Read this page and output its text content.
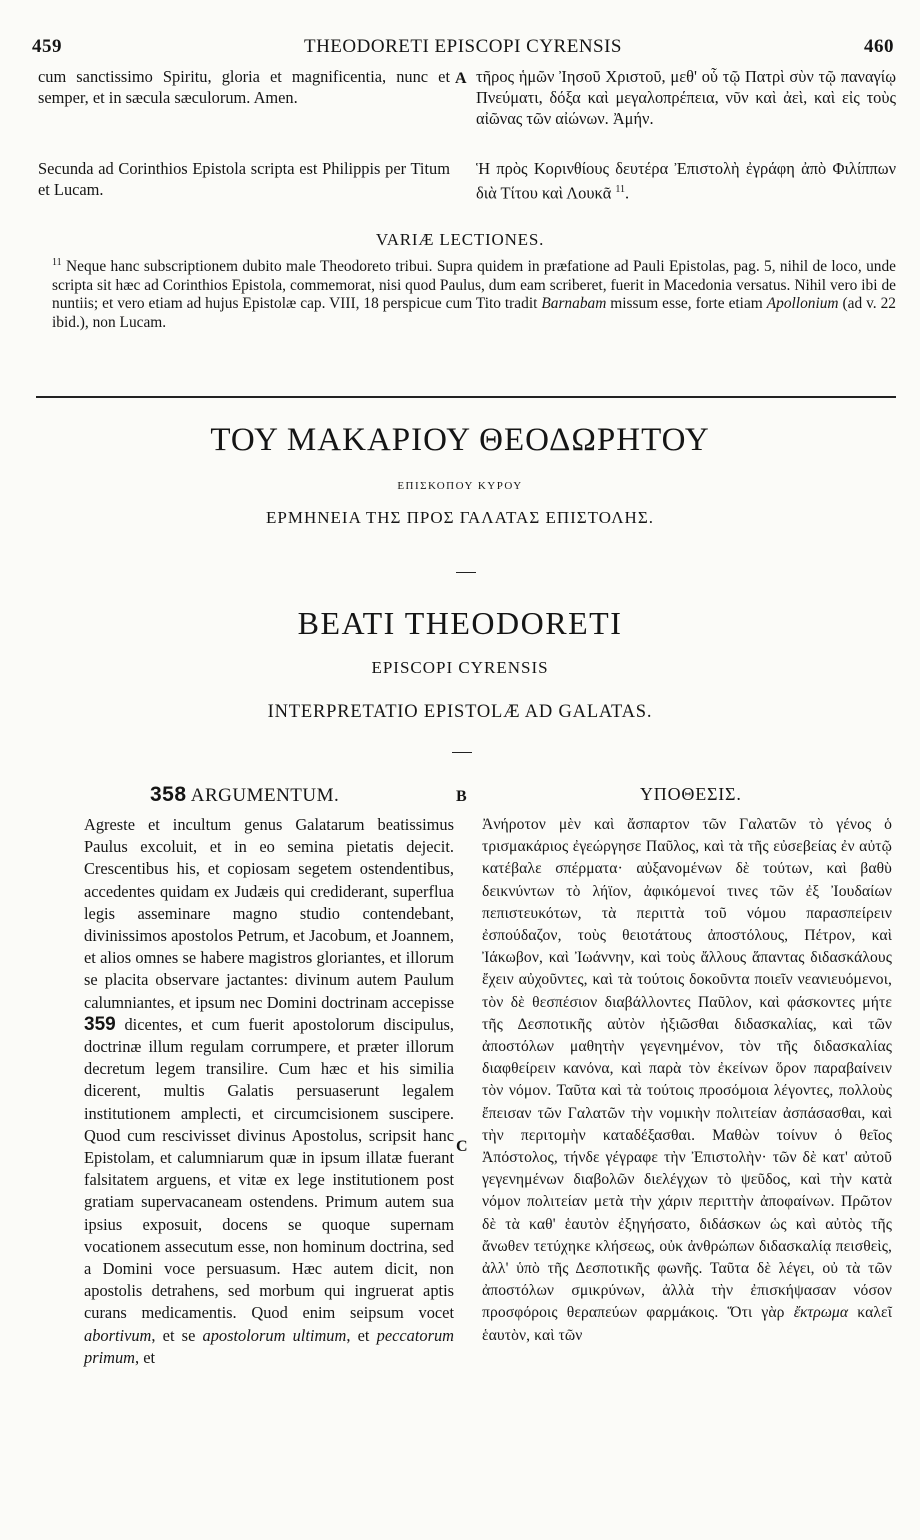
459	THEODORETI EPISCOPI CYRENSIS	460
cum sanctissimo Spiritu, gloria et magnificentia, nunc et semper, et in sæcula sæculorum. Amen.
A τῆρος ἡμῶν Ἰησοῦ Χριστοῦ, μεθ' οὗ τῷ Πατρὶ σὺν τῷ παναγίῳ Πνεύματι, δόξα καὶ μεγαλοπρέπεια, νῦν καὶ ἀεὶ, καὶ εἰς τοὺς αἰῶνας τῶν αἰώνων. Ἀμήν.
Secunda ad Corinthios Epistola scripta est Philippis per Titum et Lucam.
Ἡ πρὸς Κορινθίους δευτέρα Ἐπιστολὴ ἐγράφη ἀπὸ Φιλίππων διὰ Τίτου καὶ Λουκᾶ $^{11}$.
VARIÆ LECTIONES.
$^{11}$ Neque hanc subscriptionem dubito male Theodoreto tribui. Supra quidem in præfatione ad Pauli Epistolas, pag. 5, nihil de loco, unde scripta sit hæc ad Corinthios Epistola, commemorat, nisi quod Paulus, dum eam scriberet, fuerit in Macedonia versatus. Nihil vero ibi de nuntiis; et vero etiam ad hujus Epistolæ cap. VIII, 18 perspicue cum Tito tradit Barnabam missum esse, forte etiam Apollonium (ad v. 22 ibid.), non Lucam.
ΤΟΥ ΜΑΚΑΡΙΟΥ ΘΕΟΔΩΡΗΤΟΥ
ΕΠΙΣΚΟΠΟΥ ΚΥΡΟΥ
ΕΡΜΗΝΕΙΑ ΤΗΣ ΠΡΟΣ ΓΑΛΑΤΑΣ ΕΠΙΣΤΟΛΗΣ.
BEATI THEODORETI
EPISCOPI CYRENSIS
INTERPRETATIO EPISTOLÆ AD GALATAS.
358 ARGUMENTUM.	B	ΥΠΟΘΕΣΙΣ.
Agreste et incultum genus Galatarum beatissimus Paulus excoluit, et in eo semina pietatis dejecit. Crescentibus his, et copiosam segetem ostendentibus, accedentes quidam ex Judæis qui crediderant, superflua legis asseminare magno studio contendebant, divinissimos apostolos Petrum, et Jacobum, et Joannem, et alios omnes se habere magistros gloriantes, et illorum se placita observare jactantes: divinum autem Paulum calumniantes, et ipsum nec Domini doctrinam accepisse 359 dicentes, et cum fuerit apostolorum discipulus, doctrinæ illum regulam corrumpere, et præter illorum decretum legem transilire. Cum hæc et his similia dicerent, multis Galatis persuaserunt legalem institutionem amplecti, et circumcisionem suscipere. Quod cum rescivisset divinus Apostolus, scripsit hanc Epistolam, et calumniarum quæ in ipsum illatæ fuerant falsitatem arguens, et vitæ ex lege institutionem post gratiam supervacaneam ostendens. Primum autem sua ipsius exposuit, docens se quoque supernam vocationem assecutum esse, non hominum doctrina, sed a Domini voce persuasum. Hæc autem dicit, non apostolis detrahens, sed morbum qui ingruerat aptis curans medicamentis. Quod enim seipsum vocet abortivum, et se apostolorum ultimum, et peccatorum primum, et
C
Ἀνήροτον μὲν καὶ ἄσπαρτον τῶν Γαλατῶν τὸ γένος ὁ τρισμακάριος ἐγεώργησε Παῦλος, καὶ τὰ τῆς εὐσεβείας ἐν αὐτῷ κατέβαλε σπέρματα· αὐξανομένων δὲ τούτων, καὶ βαθὺ δεικνύντων τὸ λήϊον, ἀφικόμενοί τινες τῶν ἐξ Ἰουδαίων πεπιστευκότων, τὰ περιττὰ τοῦ νόμου παρασπείρειν ἐσπούδαζον, τοὺς θειοτάτους ἀποστόλους, Πέτρον, καὶ Ἰάκωβον, καὶ Ἰωάννην, καὶ τοὺς ἄλλους ἅπαντας διδασκάλους ἔχειν αὐχοῦντες, καὶ τὰ τούτοις δοκοῦντα ποιεῖν νεανιευόμενοι, τὸν δὲ θεσπέσιον διαβάλλοντες Παῦλον, καὶ φάσκοντες μήτε τῆς Δεσποτικῆς αὐτὸν ἠξιῶσθαι διδασκαλίας, καὶ τῶν ἀποστόλων μαθητὴν γεγενημένον, τὸν τῆς διδασκαλίας διαφθείρειν κανόνα, καὶ παρὰ τὸν ἐκείνων ὅρον παραβαίνειν τὸν νόμον. Ταῦτα καὶ τὰ τούτοις προσόμοια λέγοντες, πολλοὺς ἔπεισαν τῶν Γαλατῶν τὴν νομικὴν πολιτείαν ἀσπάσασθαι, καὶ τὴν περιτομὴν καταδέξασθαι. Μαθὼν τοίνυν ὁ θεῖος Ἀπόστολος, τήνδε γέγραφε τὴν Ἐπιστολὴν· τῶν δὲ κατ' αὐτοῦ γεγενημένων διαβολῶν διελέγχων τὸ ψεῦδος, καὶ τὴν κατὰ νόμον πολιτείαν μετὰ τὴν χάριν περιττὴν ἀποφαίνων. Πρῶτον δὲ τὰ καθ' ἑαυτὸν ἐξηγήσατο, διδάσκων ὡς καὶ αὐτὸς τῆς ἄνωθεν τετύχηκε κλήσεως, οὐκ ἀνθρώπων διδασκαλίᾳ πεισθεὶς, ἀλλ' ὑπὸ τῆς Δεσποτικῆς φωνῆς. Ταῦτα δὲ λέγει, οὐ τὰ τῶν ἀποστόλων σμικρύνων, ἀλλὰ τὴν ἐπισκήψασαν νόσον προσφόροις θεραπεύων φαρμάκοις. Ὅτι γὰρ ἔκτρωμα καλεῖ ἑαυτὸν, καὶ τῶν
